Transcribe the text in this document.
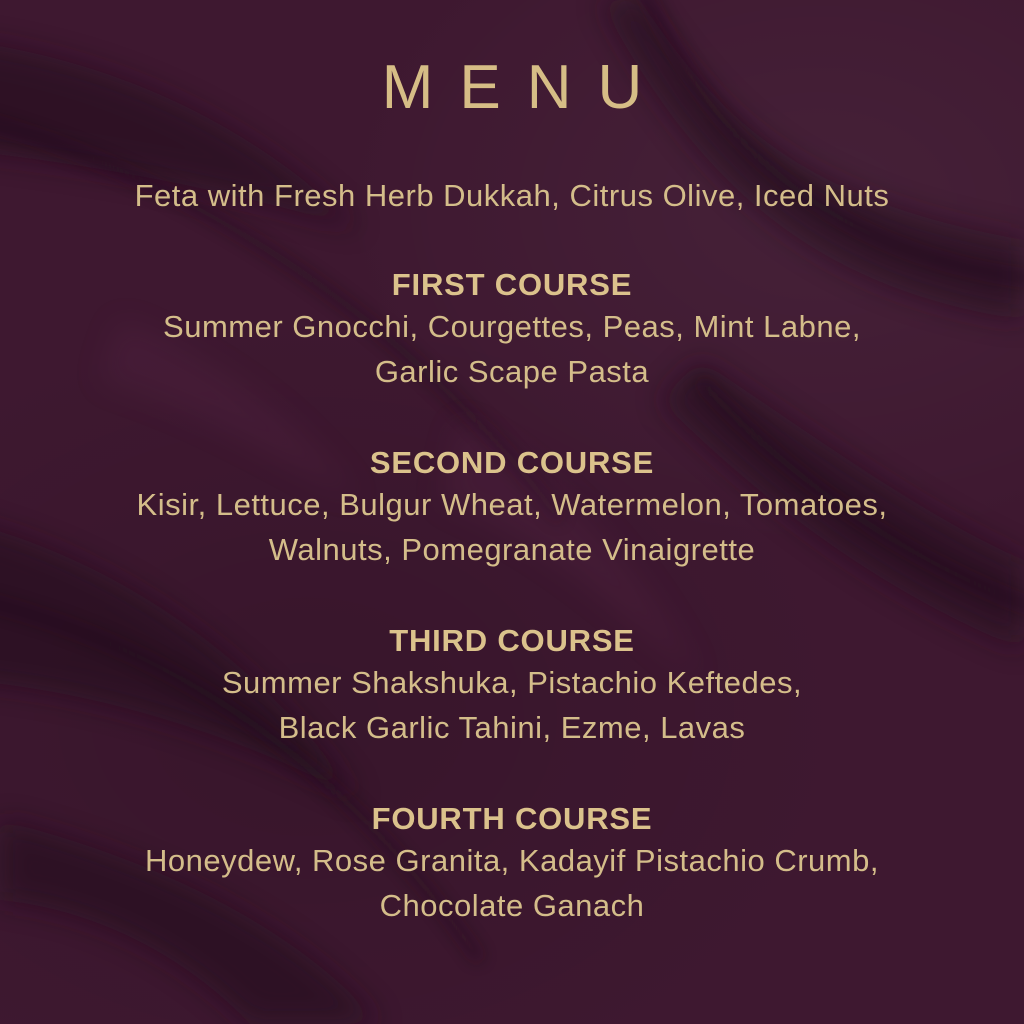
MENU
Feta with Fresh Herb Dukkah, Citrus Olive, Iced Nuts
FIRST COURSE
Summer Gnocchi, Courgettes, Peas, Mint Labne,
Garlic Scape Pasta
SECOND COURSE
Kisir, Lettuce, Bulgur Wheat, Watermelon, Tomatoes,
Walnuts, Pomegranate Vinaigrette
THIRD COURSE
Summer Shakshuka, Pistachio Keftedes,
Black Garlic Tahini, Ezme, Lavas
FOURTH COURSE
Honeydew, Rose Granita, Kadayif Pistachio Crumb,
Chocolate Ganach
